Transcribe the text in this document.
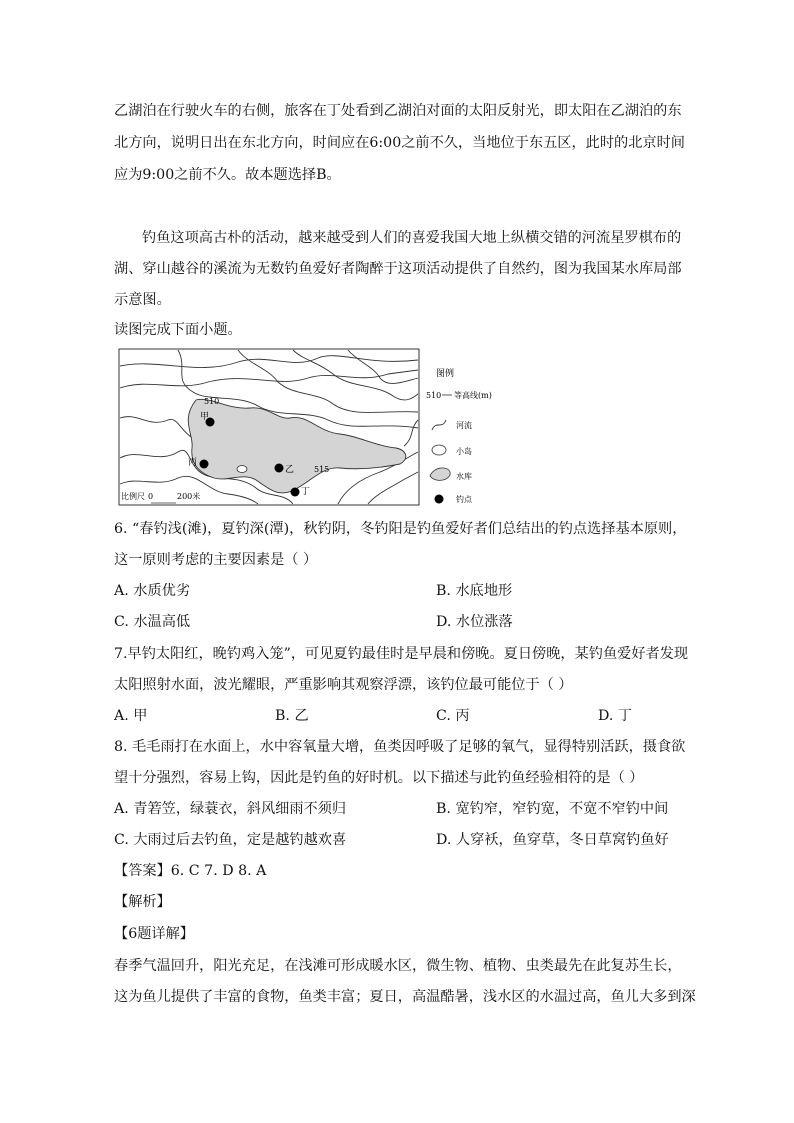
乙湖泊在行驶火车的右侧，旅客在丁处看到乙湖泊对面的太阳反射光，即太阳在乙湖泊的东
北方向，说明日出在东北方向，时间应在6:00之前不久，当地位于东五区，此时的北京时间
应为9:00之前不久。故本题选择B。
钓鱼这项高古朴的活动，越来越受到人们的喜爱我国大地上纵横交错的河流星罗棋布的
湖、穿山越谷的溪流为无数钓鱼爱好者陶醉于这项活动提供了自然约，图为我国某水库局部
示意图。
读图完成下面小题。
510
515
甲
乙
丙
丁
比例尺 0	200米
图例
510 等高线(m)
河流
小岛
水库
钓点
6. “春钓浅(滩)，夏钓深(潭)，秋钓阴，冬钓阳是钓鱼爱好者们总结出的钓点选择基本原则，
这一原则考虑的主要因素是（ ）
A. 水质优劣	B. 水底地形
C. 水温高低	D. 水位涨落
7.早钓太阳红，晚钓鸡入笼”，可见夏钓最佳时是早晨和傍晚。夏日傍晚，某钓鱼爱好者发现
太阳照射水面，波光耀眼，严重影响其观察浮漂，该钓位最可能位于（ ）
A. 甲	B. 乙	C. 丙	D. 丁
8. 毛毛雨打在水面上，水中容氧量大增，鱼类因呼吸了足够的氧气，显得特别活跃，摄食欲
望十分强烈，容易上钩，因此是钓鱼的好时机。以下描述与此钓鱼经验相符的是（ ）
A. 青箬笠，绿蓑衣，斜风细雨不须归	B. 宽钓窄，窄钓宽，不宽不窄钓中间
C. 大雨过后去钓鱼，定是越钓越欢喜	D. 人穿袄，鱼穿草，冬日草窝钓鱼好
【答案】6. C 7. D 8. A
【解析】
【6题详解】
春季气温回升，阳光充足，在浅滩可形成暖水区，微生物、植物、虫类最先在此复苏生长，
这为鱼儿提供了丰富的食物，鱼类丰富；夏日，高温酷暑，浅水区的水温过高，鱼儿大多到深
